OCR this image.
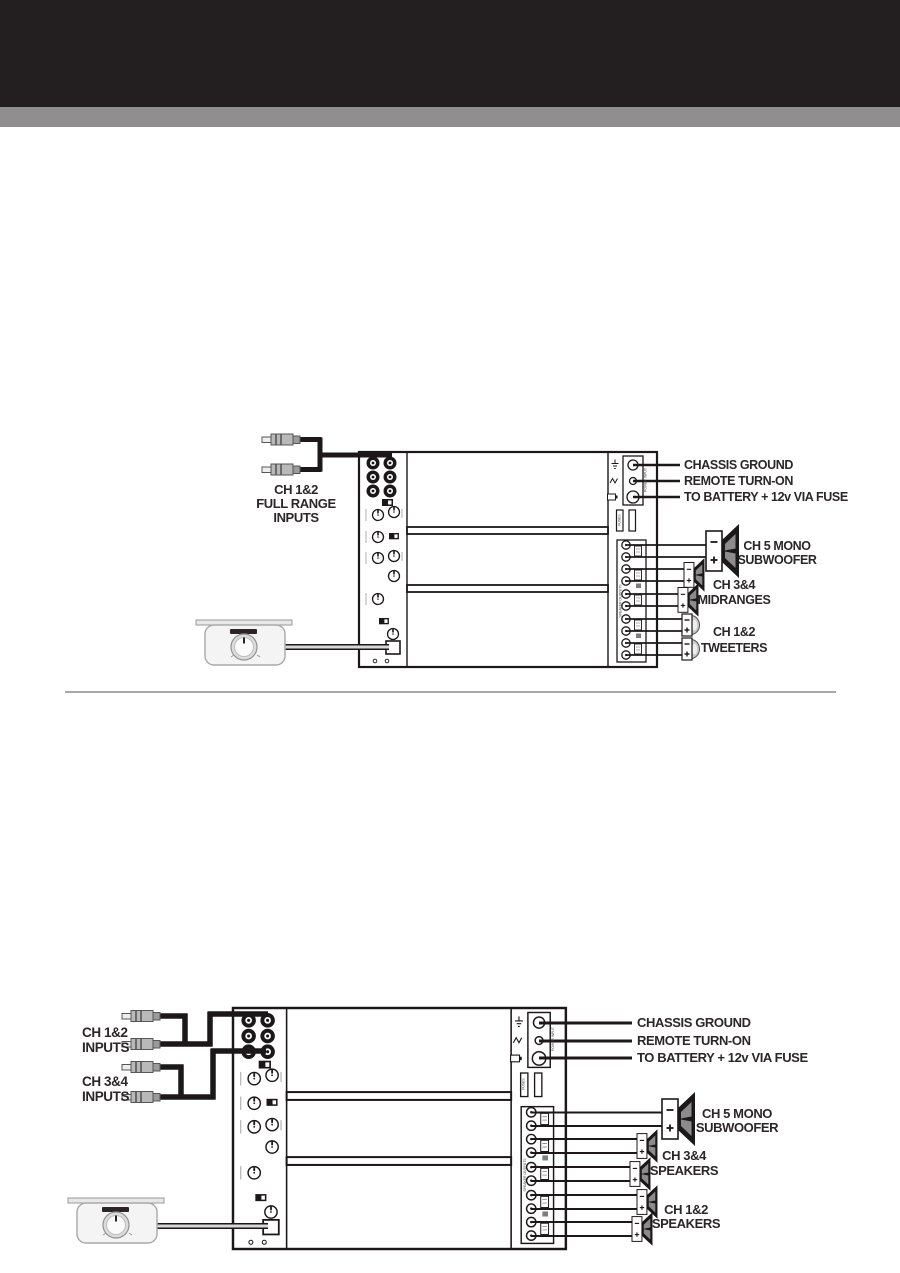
CH 1&2
FULL RANGE
INPUTS
CHASSIS GROUND
REMOTE TURN-ON
TO BATTERY + 12v VIA FUSE
CH 5 MONO
SUBWOOFER
CH 3&4
MIDRANGES
CH 1&2
TWEETERS
POWER INPUT
FUSES
SPEAKER OUTPUTS
CH 1&2
INPUTS
CH 3&4
INPUTS
CHASSIS GROUND
REMOTE TURN-ON
TO BATTERY + 12v VIA FUSE
CH 5 MONO
SUBWOOFER
CH 3&4
SPEAKERS
CH 1&2
SPEAKERS
POWER INPUT
FUSES
SPEAKER OUTPUTS
